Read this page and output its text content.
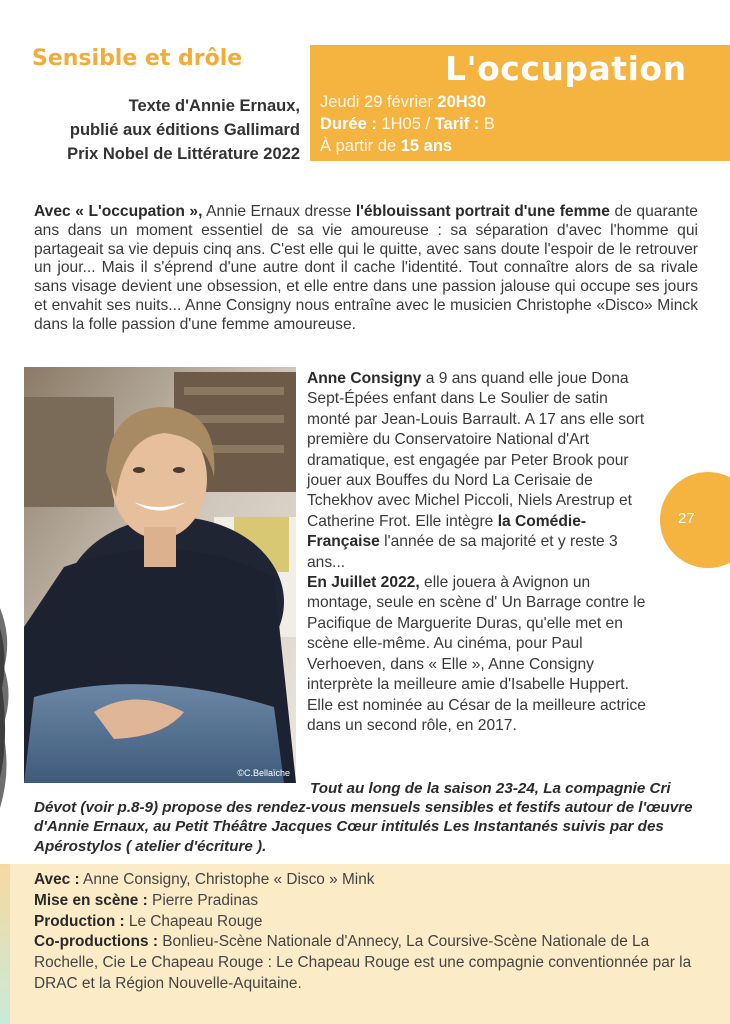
Sensible et drôle
Texte d'Annie Ernaux,
publié aux éditions Gallimard
Prix Nobel de Littérature 2022
L'occupation
Jeudi 29 février 20H30
Durée : 1H05 / Tarif : B
À partir de 15 ans

Avec « L'occupation », Annie Ernaux dresse l'éblouissant portrait d'une femme de quarante ans dans un moment essentiel de sa vie amoureuse : sa séparation d'avec l'homme qui partageait sa vie depuis cinq ans. C'est elle qui le quitte, avec sans doute l'espoir de le retrouver un jour... Mais il s'éprend d'une autre dont il cache l'identité. Tout connaître alors de sa rivale sans visage devient une obsession, et elle entre dans une passion jalouse qui occupe ses jours et envahit ses nuits... Anne Consigny nous entraîne avec le musicien Christophe «Disco» Minck dans la folle passion d'une femme amoureuse.

©C.Bellaïche

Anne Consigny a 9 ans quand elle joue Dona Sept-Épées enfant dans Le Soulier de satin monté par Jean-Louis Barrault. A 17 ans elle sort première du Conservatoire National d'Art dramatique, est engagée par Peter Brook pour jouer aux Bouffes du Nord La Cerisaie de Tchekhov avec Michel Piccoli, Niels Arestrup et Catherine Frot. Elle intègre la Comédie-Française l'année de sa majorité et y reste 3 ans...
En Juillet 2022, elle jouera à Avignon un montage, seule en scène d' Un Barrage contre le Pacifique de Marguerite Duras, qu'elle met en scène elle-même. Au cinéma, pour Paul Verhoeven, dans « Elle », Anne Consigny interprète la meilleure amie d'Isabelle Huppert. Elle est nominée au César de la meilleure actrice dans un second rôle, en 2017.

27

Tout au long de la saison 23-24, La compagnie Cri Dévot (voir p.8-9) propose des rendez-vous mensuels sensibles et festifs autour de l'œuvre d'Annie Ernaux, au Petit Théâtre Jacques Cœur intitulés Les Instantanés suivis par des Apérostylos ( atelier d'écriture ).

Avec : Anne Consigny, Christophe « Disco » Mink
Mise en scène : Pierre Pradinas
Production : Le Chapeau Rouge
Co-productions : Bonlieu-Scène Nationale d'Annecy, La Coursive-Scène Nationale de La Rochelle, Cie Le Chapeau Rouge : Le Chapeau Rouge est une compagnie conventionnée par la DRAC et la Région Nouvelle-Aquitaine.
